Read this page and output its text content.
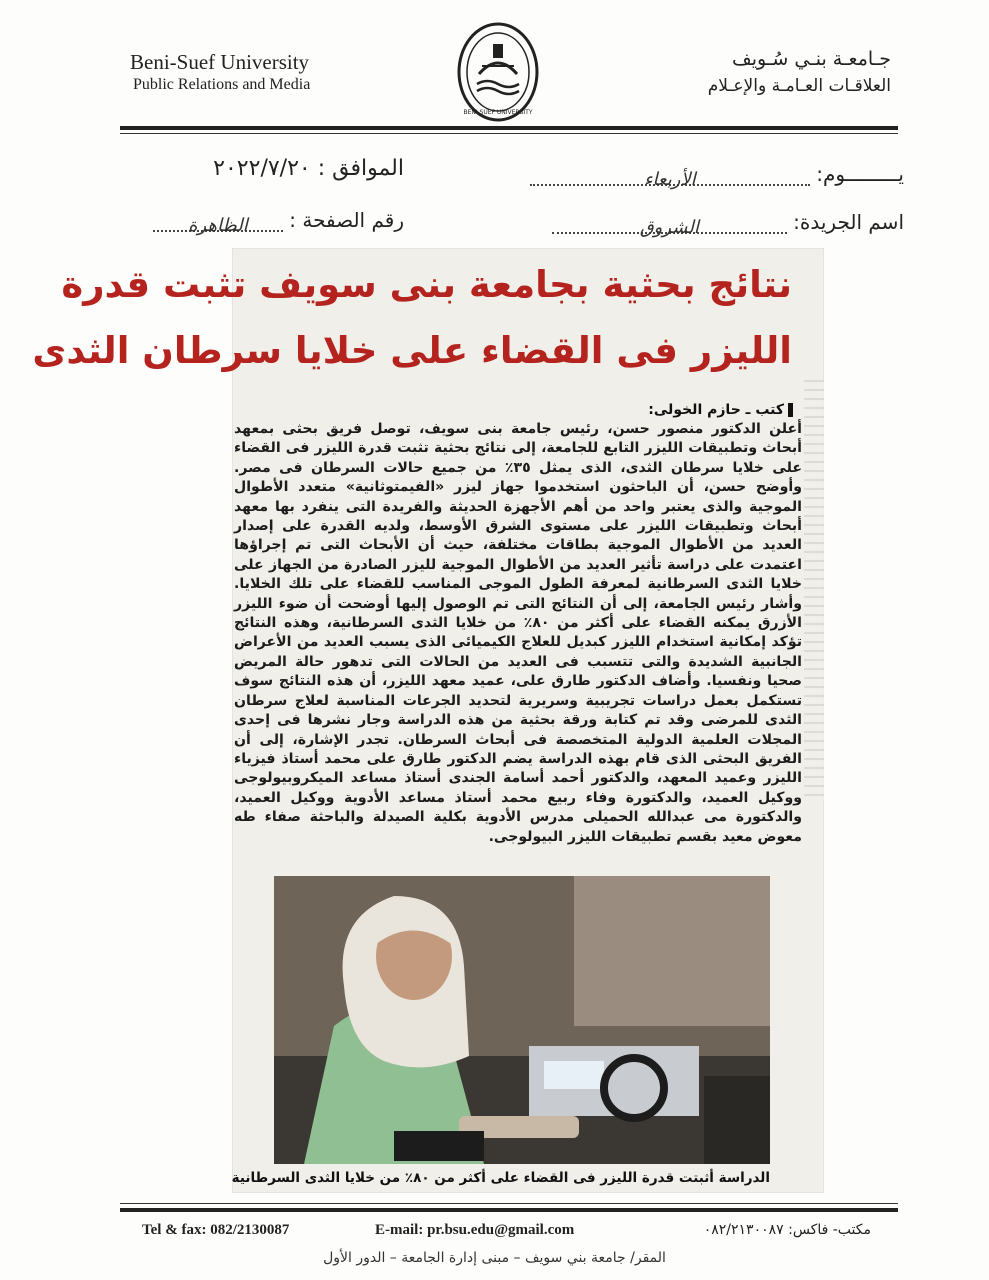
Beni-Suef University
Public Relations and Media
جـامعـة بنـي سُـويف
العلاقـات العـامـة والإعـلام
BENI SUEF UNIVERSITY
يـــــــــوم: الأربعاء
الموافق : ٢٠٢٢/٧/٢٠
اسم الجريدة: الشروق
رقم الصفحة : الظاهرة
نتائج بحثية بجامعة بنى سويف تثبت قدرة
الليزر فى القضاء على خلايا سرطان الثدى
كتب ـ حازم الخولى:
أعلن الدكتور منصور حسن، رئيس جامعة بنى سويف، توصل فريق بحثى بمعهد أبحاث وتطبيقات الليزر التابع للجامعة، إلى نتائج بحثية تثبت قدرة الليزر فى القضاء على خلايا سرطان الثدى، الذى يمثل ٣٥٪ من جميع حالات السرطان فى مصر. وأوضح حسن، أن الباحثون استخدموا جهاز ليزر «الفيمتوثانية» متعدد الأطوال الموجية والذى يعتبر واحد من أهم الأجهزة الحديثة والفريدة التى ينفرد بها معهد أبحاث وتطبيقات الليزر على مستوى الشرق الأوسط، ولديه القدرة على إصدار العديد من الأطوال الموجية بطاقات مختلفة، حيث أن الأبحاث التى تم إجراؤها اعتمدت على دراسة تأثير العديد من الأطوال الموجية لليزر الصادرة من الجهاز على خلايا الثدى السرطانية لمعرفة الطول الموجى المناسب للقضاء على تلك الخلايا. وأشار رئيس الجامعة، إلى أن النتائج التى تم الوصول إليها أوضحت أن ضوء الليزر الأزرق يمكنه القضاء على أكثر من ٨٠٪ من خلايا الثدى السرطانية، وهذه النتائج تؤكد إمكانية استخدام الليزر كبديل للعلاج الكيميائى الذى يسبب العديد من الأعراض الجانبية الشديدة والتى تتسبب فى العديد من الحالات التى تدهور حالة المريض صحيا ونفسيا. وأضاف الدكتور طارق على، عميد معهد الليزر، أن هذه النتائج سوف تستكمل بعمل دراسات تجريبية وسريرية لتحديد الجرعات المناسبة لعلاج سرطان الثدى للمرضى وقد تم كتابة ورقة بحثية من هذه الدراسة وجار نشرها فى إحدى المجلات العلمية الدولية المتخصصة فى أبحاث السرطان. تجدر الإشارة، إلى أن الفريق البحثى الذى قام بهذه الدراسة يضم الدكتور طارق على محمد أستاذ فيزياء الليزر وعميد المعهد، والدكتور أحمد أسامة الجندى أستاذ مساعد الميكروبيولوجى ووكيل العميد، والدكتورة وفاء ربيع محمد أستاذ مساعد الأدوية ووكيل العميد، والدكتورة مى عبدالله الحميلى مدرس الأدوية بكلية الصيدلة والباحثة صفاء طه معوض معيد بقسم تطبيقات الليزر البيولوجى.
الدراسة أثبتت قدرة الليزر فى القضاء على أكثر من ٨٠٪ من خلايا الثدى السرطانية
Tel & fax: 082/2130087	E-mail: pr.bsu.edu@gmail.com	مكتب- فاكس: ٠٨٢/٢١٣٠٠٨٧
المقر/ جامعة بني سويف – مبنى إدارة الجامعة – الدور الأول
